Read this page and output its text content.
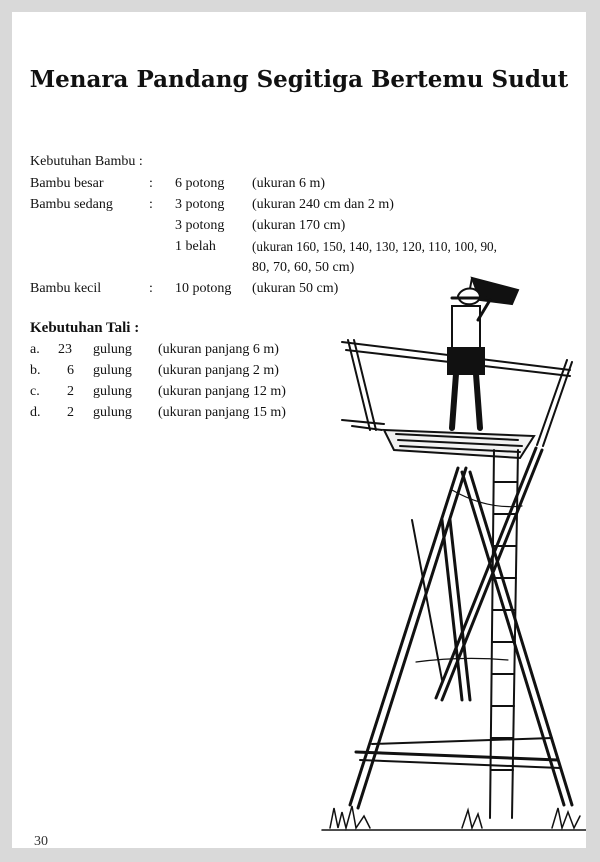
Menara Pandang Segitiga Bertemu Sudut
Kebutuhan Bambu :
Bambu besar	: 6 potong (ukuran 6 m)
Bambu sedang	: 3 potong (ukuran 240 cm dan 2 m)
3 potong (ukuran 170 cm)
1 belah	(ukuran 160, 150, 140, 130, 120, 110, 100, 90,
80, 70, 60, 50 cm)
Bambu kecil	: 10 potong (ukuran 50 cm)
Kebutuhan Tali :
a. 23 gulung (ukuran panjang 6 m)
b. 6 gulung (ukuran panjang 2 m)
c. 2 gulung (ukuran panjang 12 m)
d. 2 gulung (ukuran panjang 15 m)
30
